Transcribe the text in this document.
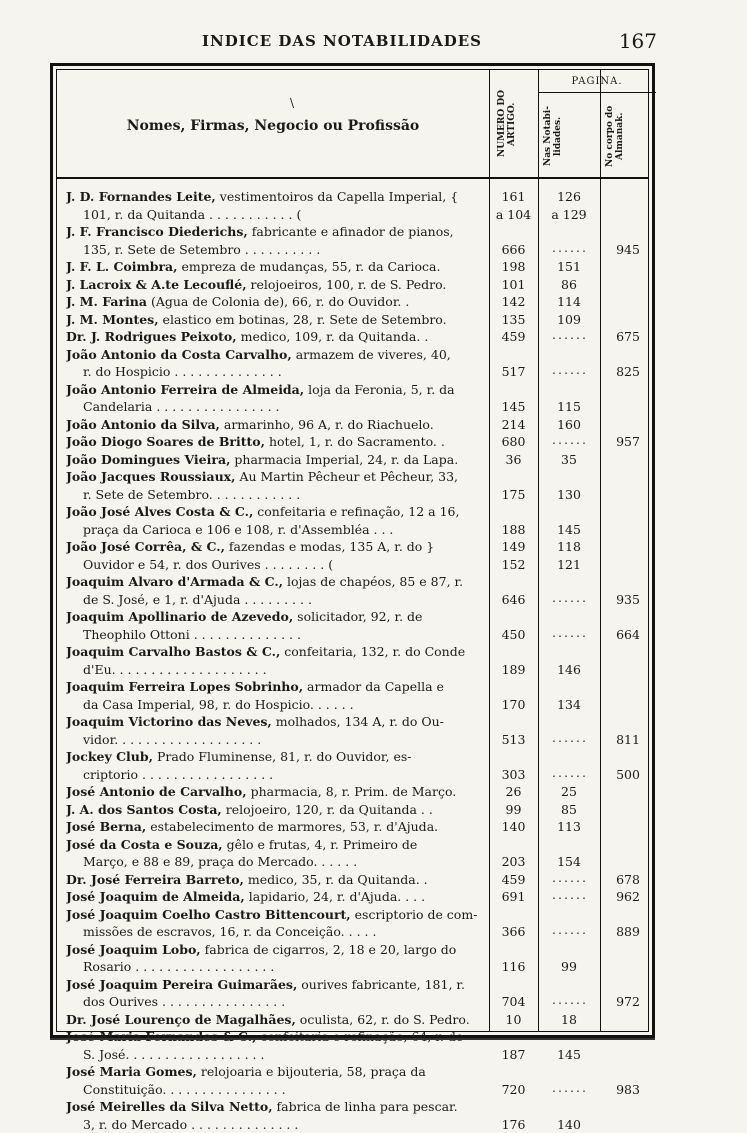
INDICE DAS NOTABILIDADES	167
\
Nomes, Firmas, Negocio ou Profissão	NUMERO DO ARTIGO.
PAGINA.
Nas Notabi- lidades.	No corpo do Almanak.
J. D. Fornandes Leite, vestimentoiros da Capella Imperial, {	161	126
101, r. da Quitanda . . . . . . . . . . . (	a 104	a 129
J. F. Francisco Diederichs, fabricante e afinador de pianos,
135, r. Sete de Setembro . . . . . . . . . .	666	......	945
J. F. L. Coimbra, empreza de mudanças, 55, r. da Carioca.	198	151
J. Lacroix & A.te Lecouflé, relojoeiros, 100, r. de S. Pedro.	101	86
J. M. Farina (Agua de Colonia de), 66, r. do Ouvidor. .	142	114
J. M. Montes, elastico em botinas, 28, r. Sete de Setembro.	135	109
Dr. J. Rodrigues Peixoto, medico, 109, r. da Quitanda. .	459	......	675
João Antonio da Costa Carvalho, armazem de viveres, 40,
r. do Hospicio . . . . . . . . . . . . . .	517	......	825
João Antonio Ferreira de Almeida, loja da Feronia, 5, r. da
Candelaria . . . . . . . . . . . . . . . .	145	115
João Antonio da Silva, armarinho, 96 A, r. do Riachuelo.	214	160
João Diogo Soares de Britto, hotel, 1, r. do Sacramento. .	680	......	957
João Domingues Vieira, pharmacia Imperial, 24, r. da Lapa.	36	35
João Jacques Roussiaux, Au Martin Pêcheur et Pêcheur, 33,
r. Sete de Setembro. . . . . . . . . . . .	175	130
João José Alves Costa & C., confeitaria e refinação, 12 a 16,
praça da Carioca e 106 e 108, r. d'Assembléa . . .	188	145
João José Corrêa, & C., fazendas e modas, 135 A, r. do }	149	118
Ouvidor e 54, r. dos Ourives . . . . . . . . (	152	121
Joaquim Alvaro d'Armada & C., lojas de chapéos, 85 e 87, r.
de S. José, e 1, r. d'Ajuda . . . . . . . . .	646	......	935
Joaquim Apollinario de Azevedo, solicitador, 92, r. de
Theophilo Ottoni . . . . . . . . . . . . . .	450	......	664
Joaquim Carvalho Bastos & C., confeitaria, 132, r. do Conde
d'Eu. . . . . . . . . . . . . . . . . . . .	189	146
Joaquim Ferreira Lopes Sobrinho, armador da Capella e
da Casa Imperial, 98, r. do Hospicio. . . . . .	170	134
Joaquim Victorino das Neves, molhados, 134 A, r. do Ou-
vidor. . . . . . . . . . . . . . . . . . .	513	......	811
Jockey Club, Prado Fluminense, 81, r. do Ouvidor, es-
criptorio . . . . . . . . . . . . . . . . .	303	......	500
José Antonio de Carvalho, pharmacia, 8, r. Prim. de Março.	26	25
J. A. dos Santos Costa, relojoeiro, 120, r. da Quitanda . .	99	85
José Berna, estabelecimento de marmores, 53, r. d'Ajuda.	140	113
José da Costa e Souza, gêlo e frutas, 4, r. Primeiro de
Março, e 88 e 89, praça do Mercado. . . . . .	203	154
Dr. José Ferreira Barreto, medico, 35, r. da Quitanda. .	459	......	678
José Joaquim de Almeida, lapidario, 24, r. d'Ajuda. . . .	691	......	962
José Joaquim Coelho Castro Bittencourt, escriptorio de com-
missões de escravos, 16, r. da Conceição. . . . .	366	......	889
José Joaquim Lobo, fabrica de cigarros, 2, 18 e 20, largo do
Rosario . . . . . . . . . . . . . . . . . .	116	99
José Joaquim Pereira Guimarães, ourives fabricante, 181, r.
dos Ourives . . . . . . . . . . . . . . . .	704	......	972
Dr. José Lourenço de Magalhães, oculista, 62, r. do S. Pedro.	10	18
José Maria Fernandes & C., confeitaria e refinação, 64, r. de
S. José. . . . . . . . . . . . . . . . . .	187	145
José Maria Gomes, relojoaria e bijouteria, 58, praça da
Constituição. . . . . . . . . . . . . . . .	720	......	983
José Meirelles da Silva Netto, fabrica de linha para pescar.
3, r. do Mercado . . . . . . . . . . . . . .	176	140
